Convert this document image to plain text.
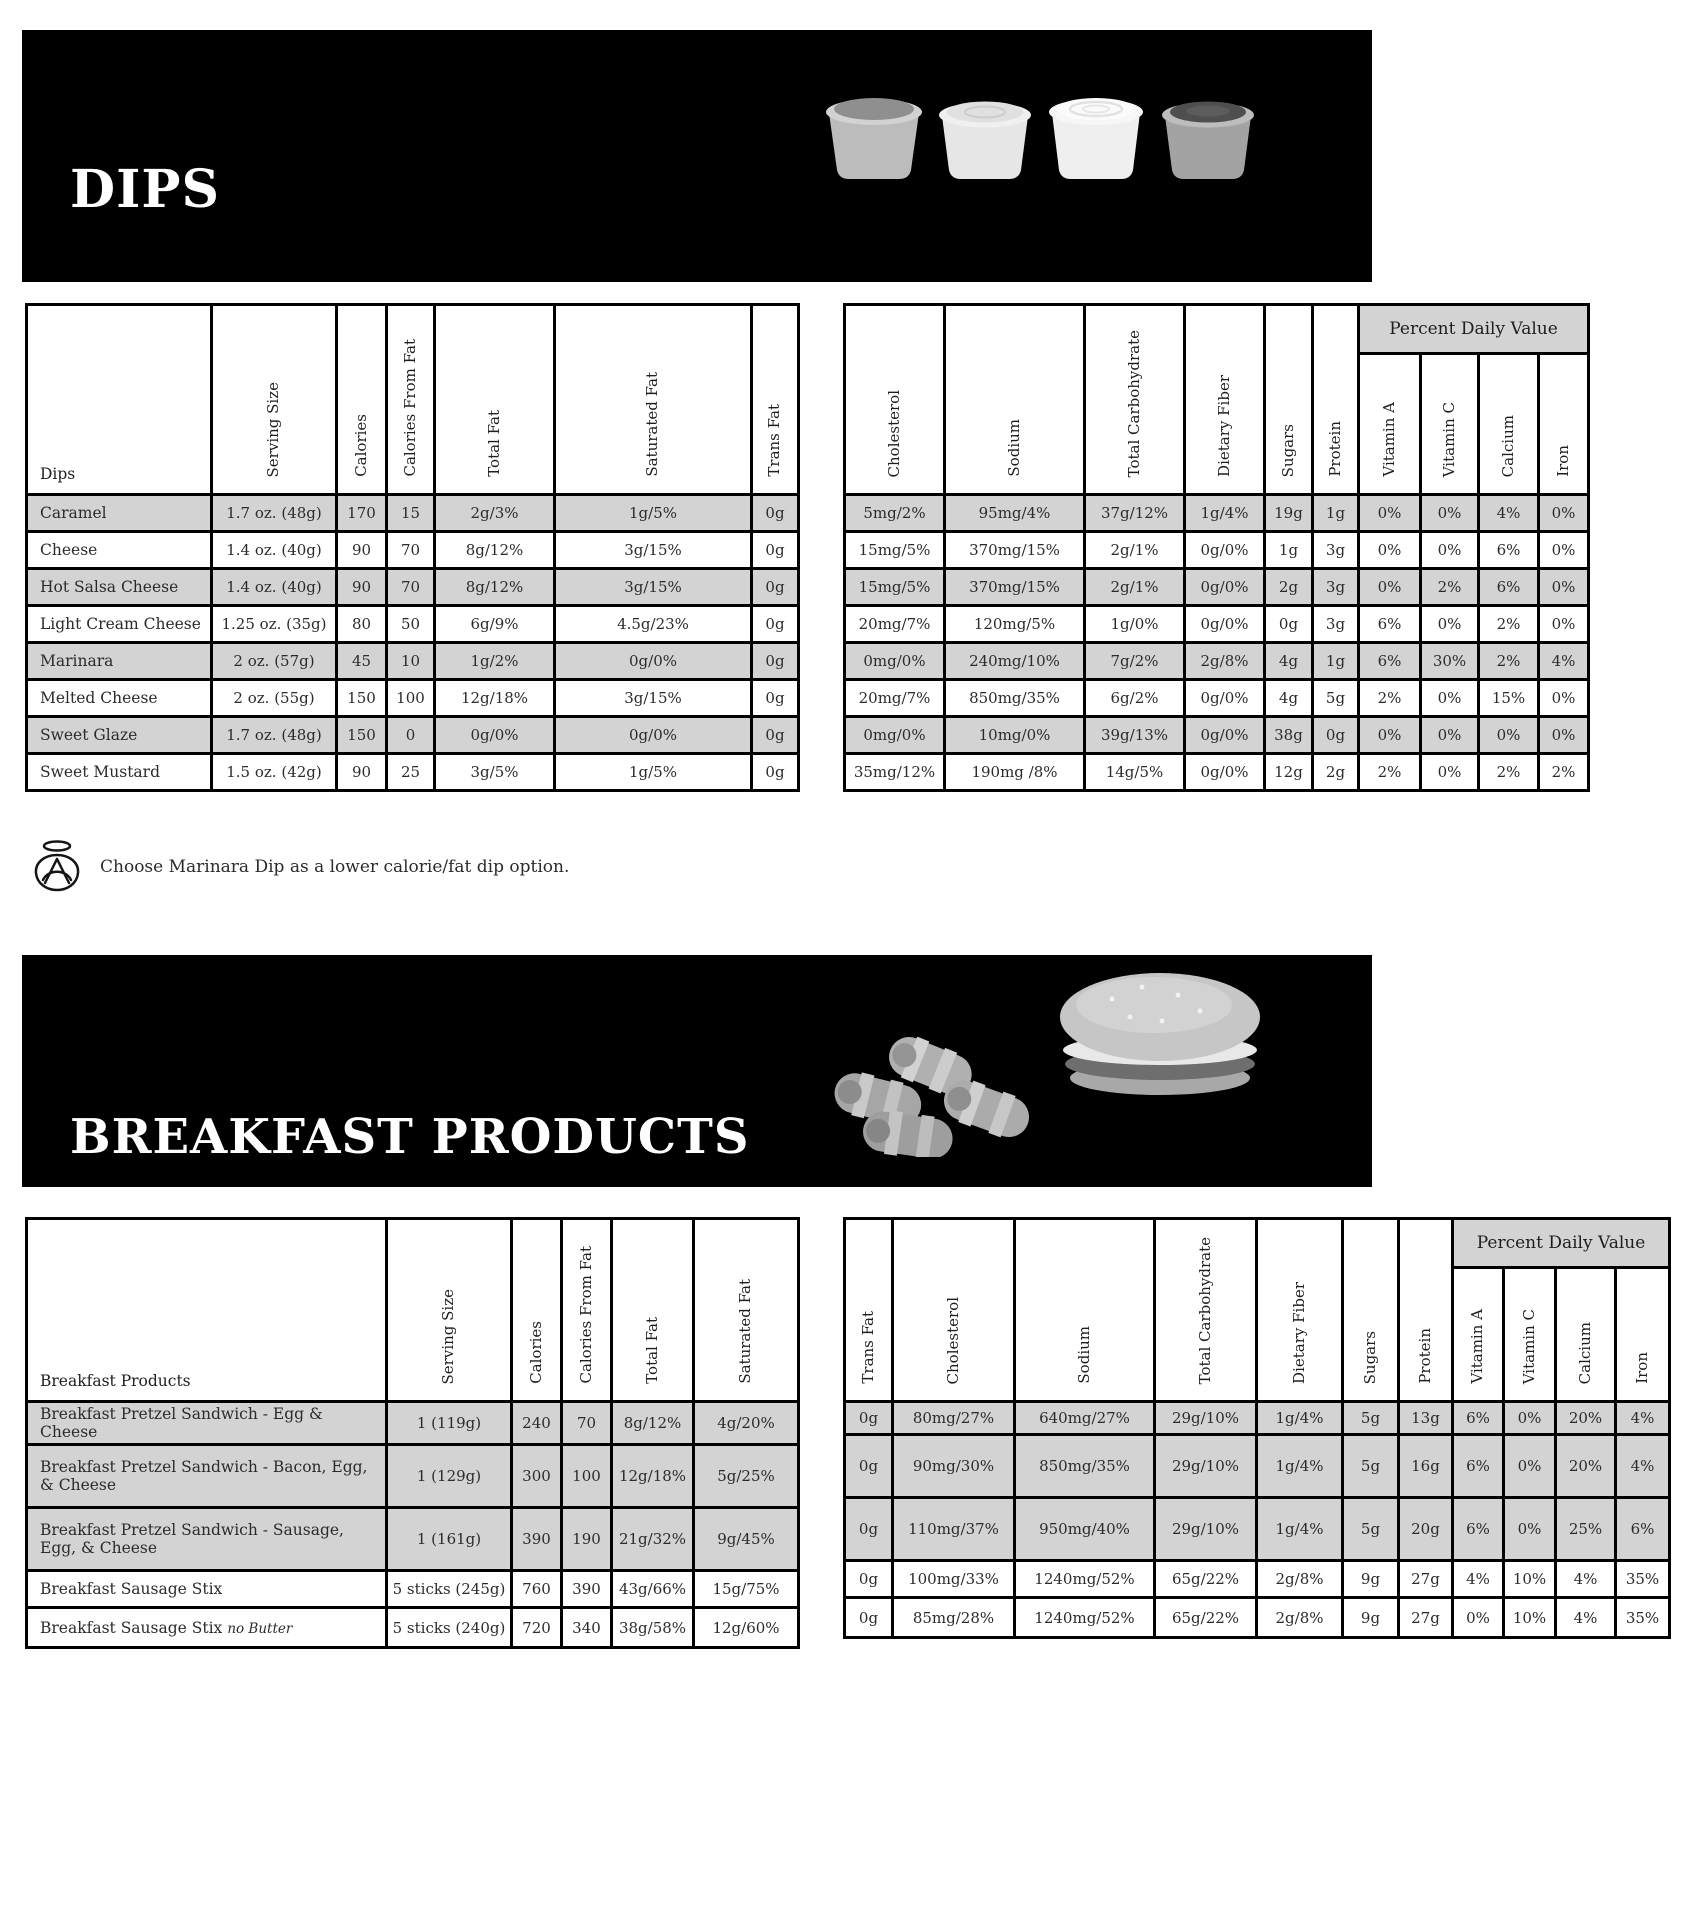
DIPS
Dips	Serving Size	Calories	Calories From Fat	Total Fat	Saturated Fat	Trans Fat
Caramel	1.7 oz. (48g)	170	15	2g/3%	1g/5%	0g
Cheese	1.4 oz. (40g)	90	70	8g/12%	3g/15%	0g
Hot Salsa Cheese	1.4 oz. (40g)	90	70	8g/12%	3g/15%	0g
Light Cream Cheese	1.25 oz. (35g)	80	50	6g/9%	4.5g/23%	0g
Marinara	2 oz. (57g)	45	10	1g/2%	0g/0%	0g
Melted Cheese	2 oz. (55g)	150	100	12g/18%	3g/15%	0g
Sweet Glaze	1.7 oz. (48g)	150	0	0g/0%	0g/0%	0g
Sweet Mustard	1.5 oz. (42g)	90	25	3g/5%	1g/5%	0g
Cholesterol	Sodium	Total Carbohydrate	Dietary Fiber	Sugars	Protein	Percent Daily Value			
						Vitamin A	Vitamin C	Calcium	Iron
5mg/2%	95mg/4%	37g/12%	1g/4%	19g	1g	0%	0%	4%	0%
15mg/5%	370mg/15%	2g/1%	0g/0%	1g	3g	0%	0%	6%	0%
15mg/5%	370mg/15%	2g/1%	0g/0%	2g	3g	0%	2%	6%	0%
20mg/7%	120mg/5%	1g/0%	0g/0%	0g	3g	6%	0%	2%	0%
0mg/0%	240mg/10%	7g/2%	2g/8%	4g	1g	6%	30%	2%	4%
20mg/7%	850mg/35%	6g/2%	0g/0%	4g	5g	2%	0%	15%	0%
0mg/0%	10mg/0%	39g/13%	0g/0%	38g	0g	0%	0%	0%	0%
35mg/12%	190mg /8%	14g/5%	0g/0%	12g	2g	2%	0%	2%	2%
Choose Marinara Dip as a lower calorie/fat dip option.
BREAKFAST PRODUCTS
Breakfast Products	Serving Size	Calories	Calories From Fat	Total Fat	Saturated Fat
Breakfast Pretzel Sandwich - Egg & Cheese	1 (119g)	240	70	8g/12%	4g/20%
Breakfast Pretzel Sandwich - Bacon, Egg, & Cheese	1 (129g)	300	100	12g/18%	5g/25%
Breakfast Pretzel Sandwich - Sausage, Egg, & Cheese	1 (161g)	390	190	21g/32%	9g/45%
Breakfast Sausage Stix	5 sticks (245g)	760	390	43g/66%	15g/75%
Breakfast Sausage Stix no Butter	5 sticks (240g)	720	340	38g/58%	12g/60%
Trans Fat	Cholesterol	Sodium	Total Carbohydrate	Dietary Fiber	Sugars	Protein	Percent Daily Value			
							Vitamin A	Vitamin C	Calcium	Iron
0g	80mg/27%	640mg/27%	29g/10%	1g/4%	5g	13g	6%	0%	20%	4%
0g	90mg/30%	850mg/35%	29g/10%	1g/4%	5g	16g	6%	0%	20%	4%
0g	110mg/37%	950mg/40%	29g/10%	1g/4%	5g	20g	6%	0%	25%	6%
0g	100mg/33%	1240mg/52%	65g/22%	2g/8%	9g	27g	4%	10%	4%	35%
0g	85mg/28%	1240mg/52%	65g/22%	2g/8%	9g	27g	0%	10%	4%	35%
